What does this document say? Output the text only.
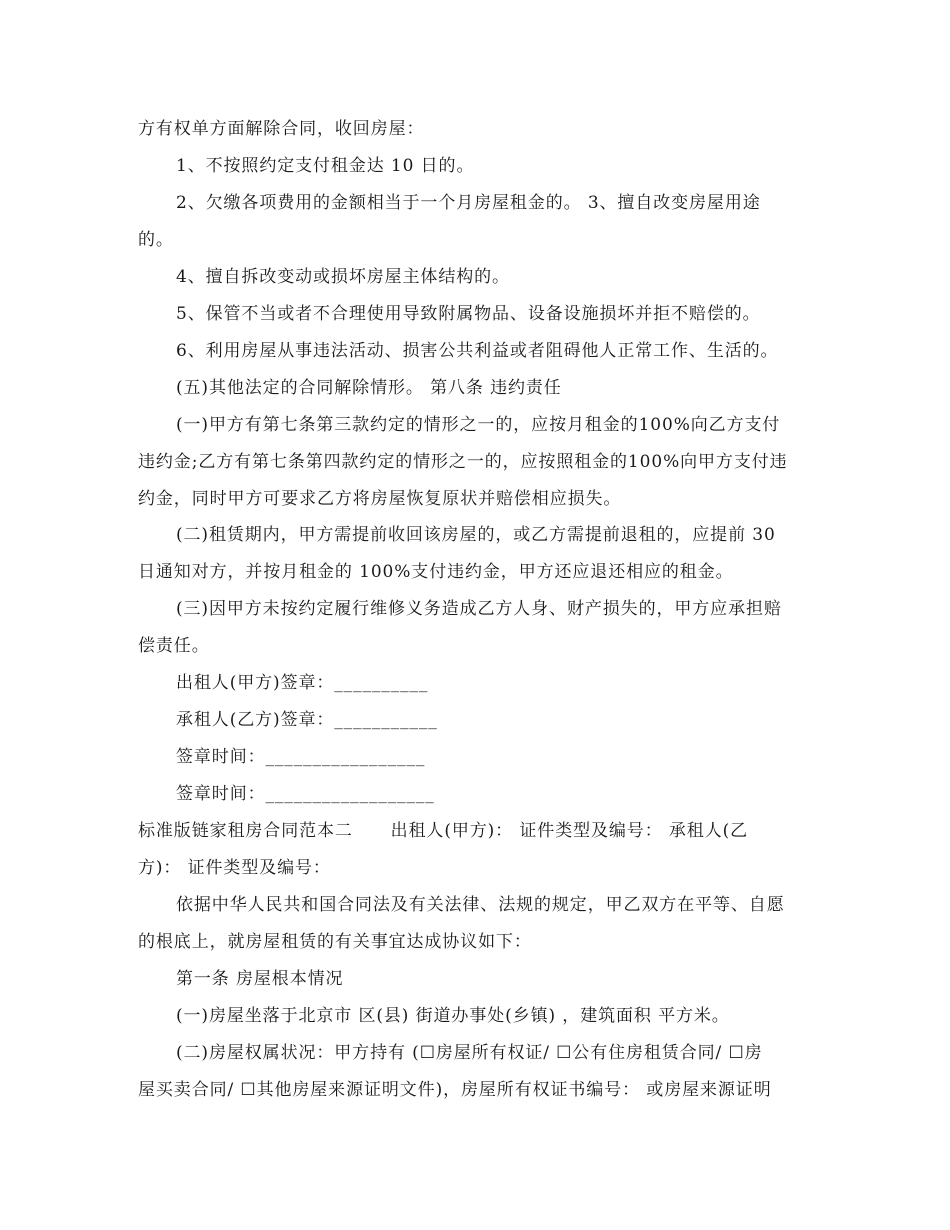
方有权单方面解除合同，收回房屋：
1、不按照约定支付租金达 10 日的。
2、欠缴各项费用的金额相当于一个月房屋租金的。 3、擅自改变房屋用途
的。
4、擅自拆改变动或损坏房屋主体结构的。
5、保管不当或者不合理使用导致附属物品、设备设施损坏并拒不赔偿的。
6、利用房屋从事违法活动、损害公共利益或者阻碍他人正常工作、生活的。
(五)其他法定的合同解除情形。 第八条 违约责任
(一)甲方有第七条第三款约定的情形之一的，应按月租金的100%向乙方支付
违约金;乙方有第七条第四款约定的情形之一的，应按照租金的100%向甲方支付违
约金，同时甲方可要求乙方将房屋恢复原状并赔偿相应损失。
(二)租赁期内，甲方需提前收回该房屋的，或乙方需提前退租的，应提前 30
日通知对方，并按月租金的 100%支付违约金，甲方还应退还相应的租金。
(三)因甲方未按约定履行维修义务造成乙方人身、财产损失的，甲方应承担赔
偿责任。
出租人(甲方)签章：__________
承租人(乙方)签章：___________
签章时间：_________________
签章时间：__________________
标准版链家租房合同范本二      出租人(甲方)： 证件类型及编号： 承租人(乙
方)： 证件类型及编号：
依据中华人民共和国合同法及有关法律、法规的规定，甲乙双方在平等、自愿
的根底上，就房屋租赁的有关事宜达成协议如下：
第一条 房屋根本情况
(一)房屋坐落于北京市 区(县) 街道办事处(乡镇) ，建筑面积 平方米。
(二)房屋权属状况：甲方持有 (☐房屋所有权证/ ☐公有住房租赁合同/ ☐房
屋买卖合同/ ☐其他房屋来源证明文件)，房屋所有权证书编号： 或房屋来源证明
